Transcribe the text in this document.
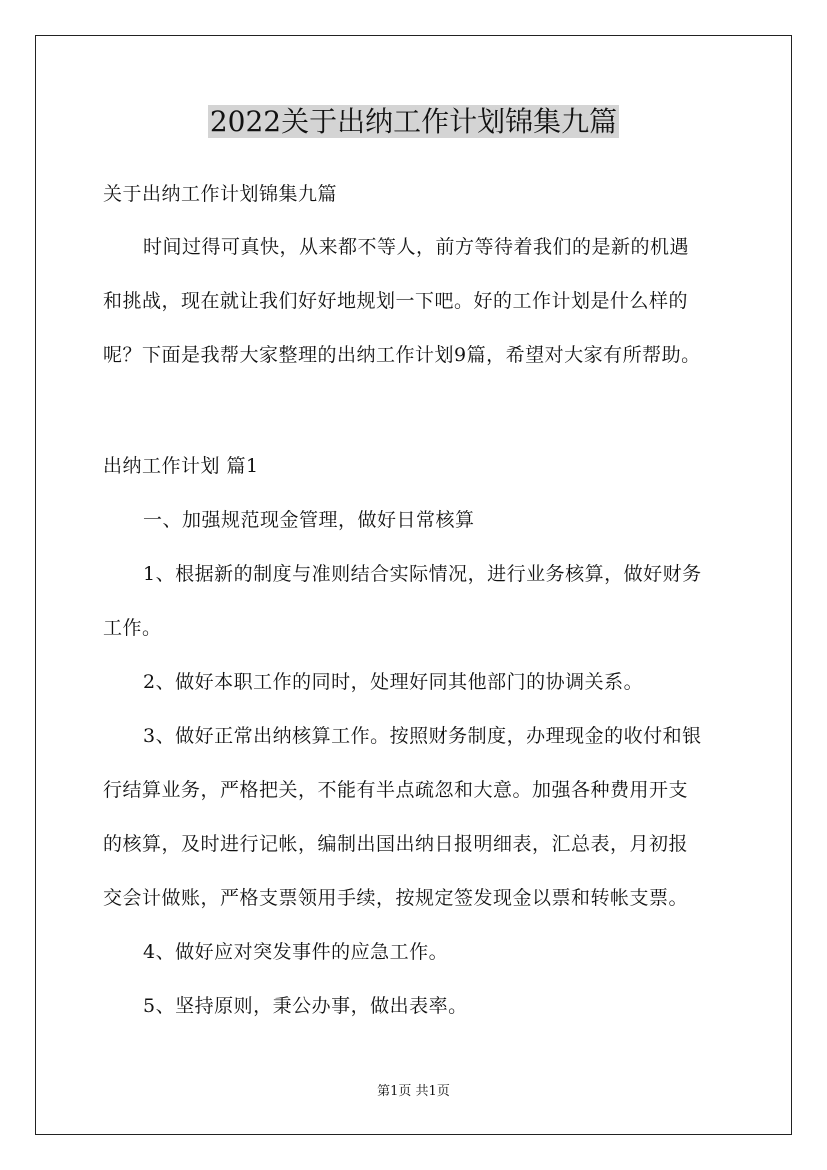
2022关于出纳工作计划锦集九篇
关于出纳工作计划锦集九篇
时间过得可真快，从来都不等人，前方等待着我们的是新的机遇
和挑战，现在就让我们好好地规划一下吧。好的工作计划是什么样的
呢？下面是我帮大家整理的出纳工作计划9篇，希望对大家有所帮助。
出纳工作计划 篇1
一、加强规范现金管理，做好日常核算
1、根据新的制度与准则结合实际情况，进行业务核算，做好财务
工作。
2、做好本职工作的同时，处理好同其他部门的协调关系。
3、做好正常出纳核算工作。按照财务制度，办理现金的收付和银
行结算业务，严格把关，不能有半点疏忽和大意。加强各种费用开支
的核算，及时进行记帐，编制出国出纳日报明细表，汇总表，月初报
交会计做账，严格支票领用手续，按规定签发现金以票和转帐支票。
4、做好应对突发事件的应急工作。
5、坚持原则，秉公办事，做出表率。
第1页 共1页
